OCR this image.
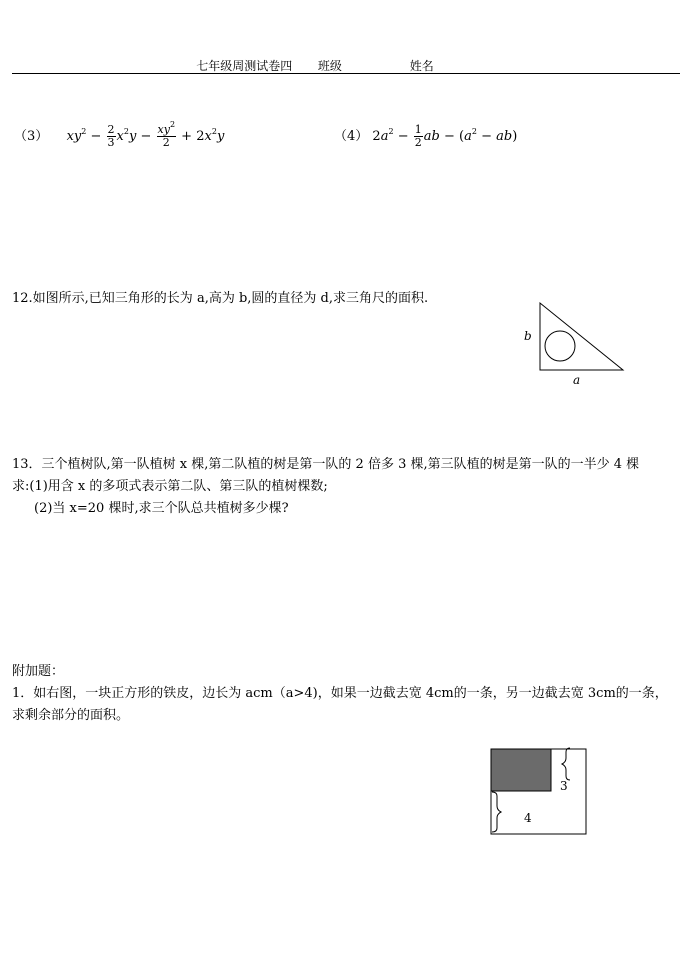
七年级周测试卷四 班级	姓名
（3） $xy^2 - \frac{2}{3} x^2y - \frac{xy^2}{2} + 2x^2y$	（4） $2a^2 - \frac{1}{2}$ ab − $(a^2 - ab)$
12.如图所示,已知三角形的长为 a,高为 b,圆的直径为 d,求三角尺的面积.
b
a
13．三个植树队,第一队植树 x 棵,第二队植的树是第一队的 2 倍多 3 棵,第三队植的树是第一队的一半少 4 棵
求:(1)用含 x 的多项式表示第二队、第三队的植树棵数;
(2)当 x=20 棵时,求三个队总共植树多少棵?
附加题：
1．如右图，一块正方形的铁皮，边长为 acm（a>4)，如果一边截去宽 4cm的一条，另一边截去宽 3cm的一条，
求剩余部分的面积。
3
4
